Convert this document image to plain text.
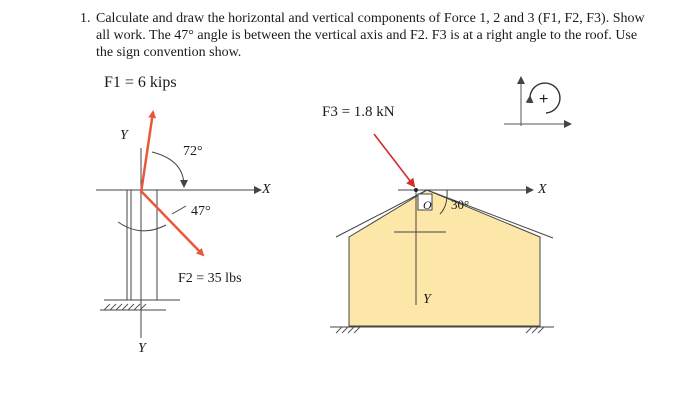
1. Calculate and draw the horizontal and vertical components of Force 1, 2 and 3 (F1, F2, F3). Show all work. The 47° angle is between the vertical axis and F2. F3 is at a right angle to the roof. Use the sign convention show.
F1 = 6 kips
F3 = 1.8 kN
F2 = 35 lbs
72°
47°	30°
O
Y
Y
X	X
Y
+
